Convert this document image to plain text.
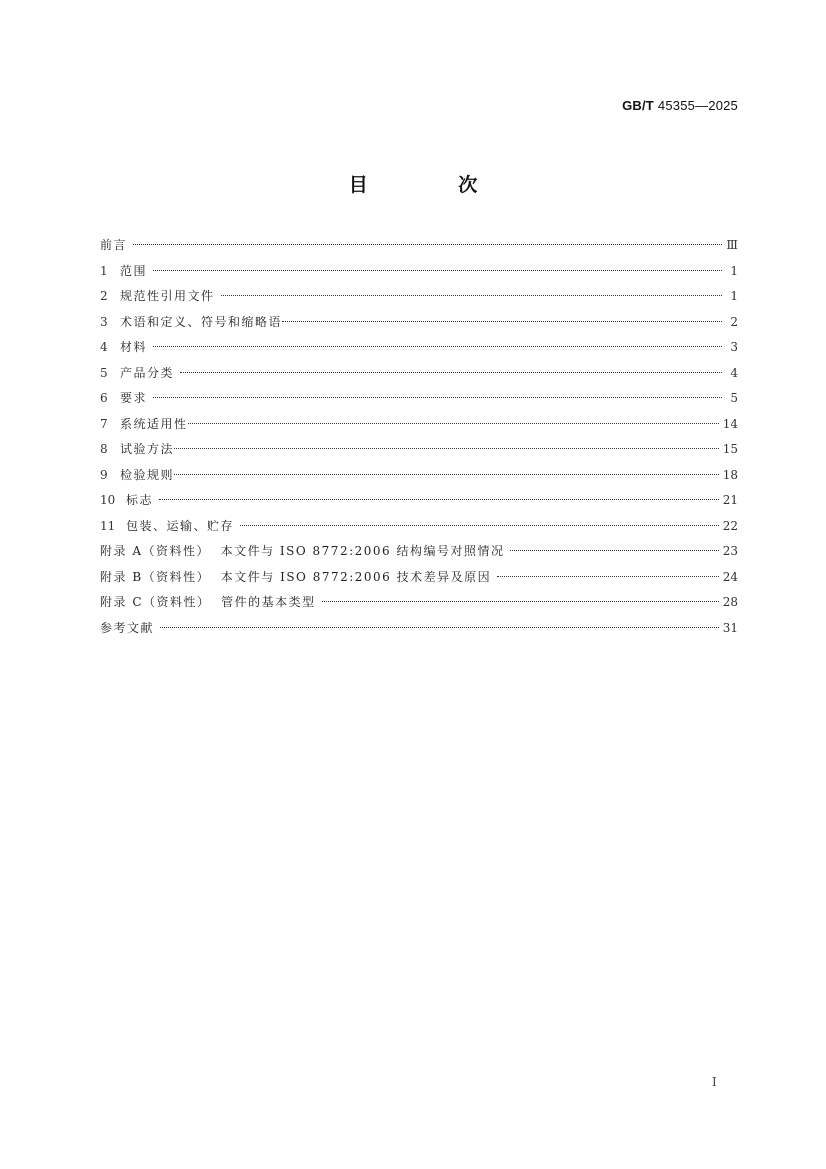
GB/T 45355—2025
目 次
前言	Ⅲ
1	范围	1
2	规范性引用文件	1
3	术语和定义、符号和缩略语	2
4	材料	3
5	产品分类	4
6	要求	5
7	系统适用性	14
8	试验方法	15
9	检验规则	18
10 标志	21
11 包装、运输、贮存	22
附录 A（资料性）  本文件与 ISO 8772:2006 结构编号对照情况	23
附录 B（资料性）  本文件与 ISO 8772:2006 技术差异及原因	24
附录 C（资料性）  管件的基本类型	28
参考文献	31
I
